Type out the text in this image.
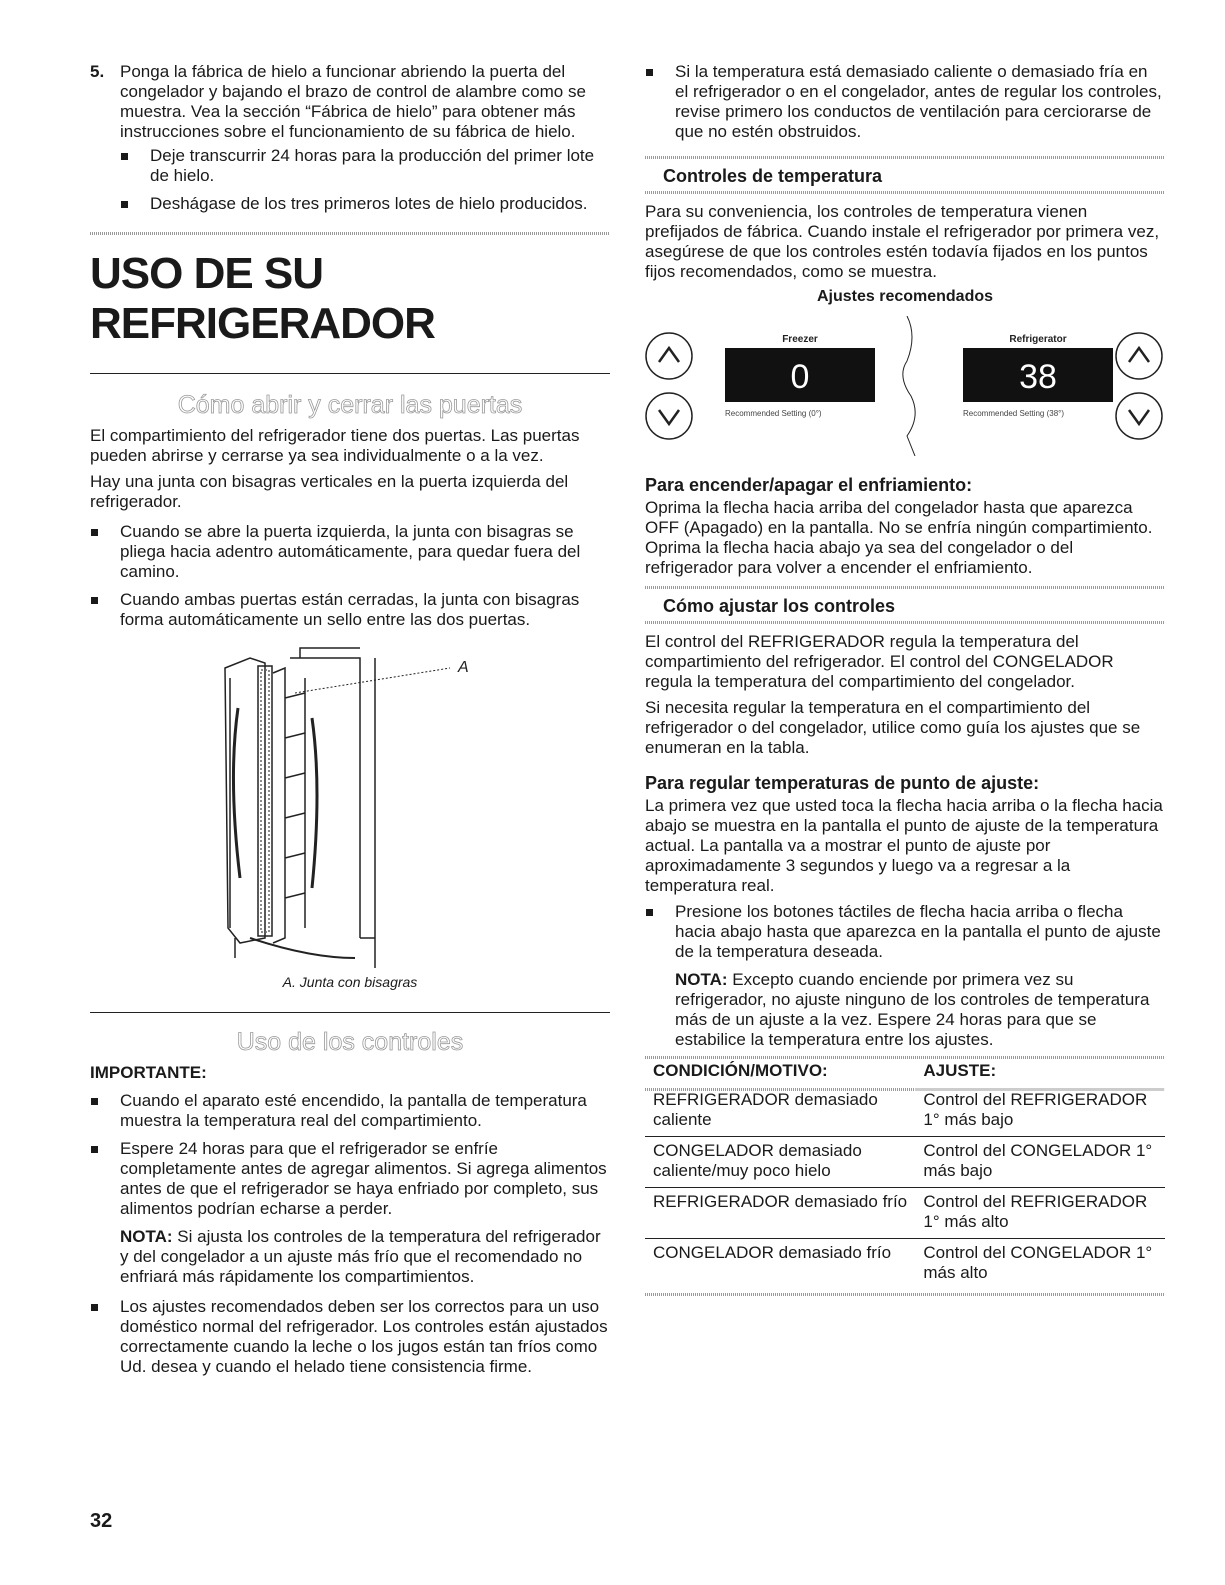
5. Ponga la fábrica de hielo a funcionar abriendo la puerta del congelador y bajando el brazo de control de alambre como se muestra. Vea la sección “Fábrica de hielo” para obtener más instrucciones sobre el funcionamiento de su fábrica de hielo.

Deje transcurrir 24 horas para la producción del primer lote de hielo.

Deshágase de los tres primeros lotes de hielo producidos.

USO DE SU REFRIGERADOR
Cómo abrir y cerrar las puertas

El compartimiento del refrigerador tiene dos puertas. Las puertas pueden abrirse y cerrarse ya sea individualmente o a la vez.

Hay una junta con bisagras verticales en la puerta izquierda del refrigerador.

Cuando se abre la puerta izquierda, la junta con bisagras se pliega hacia adentro automáticamente, para quedar fuera del camino.

Cuando ambas puertas están cerradas, la junta con bisagras forma automáticamente un sello entre las dos puertas.

A

A. Junta con bisagras

Uso de los controles

IMPORTANTE:

Cuando el aparato esté encendido, la pantalla de temperatura muestra la temperatura real del compartimiento.

Espere 24 horas para que el refrigerador se enfríe completamente antes de agregar alimentos. Si agrega alimentos antes de que el refrigerador se haya enfriado por completo, sus alimentos podrían echarse a perder.

NOTA: Si ajusta los controles de la temperatura del refrigerador y del congelador a un ajuste más frío que el recomendado no enfriará más rápidamente los compartimientos.

Los ajustes recomendados deben ser los correctos para un uso doméstico normal del refrigerador. Los controles están ajustados correctamente cuando la leche o los jugos están tan fríos como Ud. desea y cuando el helado tiene consistencia firme.

Si la temperatura está demasiado caliente o demasiado fría en el refrigerador o en el congelador, antes de regular los controles, revise primero los conductos de ventilación para cerciorarse de que no estén obstruidos.

Controles de temperatura

Para su conveniencia, los controles de temperatura vienen prefijados de fábrica. Cuando instale el refrigerador por primera vez, asegúrese de que los controles estén todavía fijados en los puntos fijos recomendados, como se muestra.

Ajustes recomendados
Freezer
0
Recommended Setting (0°)
Refrigerator
38
Recommended Setting (38°)
Para encender/apagar el enfriamiento:

Oprima la flecha hacia arriba del congelador hasta que aparezca OFF (Apagado) en la pantalla. No se enfría ningún compartimiento. Oprima la flecha hacia abajo ya sea del congelador o del refrigerador para volver a encender el enfriamiento.

Cómo ajustar los controles

El control del REFRIGERADOR regula la temperatura del compartimiento del refrigerador. El control del CONGELADOR regula la temperatura del compartimiento del congelador.

Si necesita regular la temperatura en el compartimiento del refrigerador o del congelador, utilice como guía los ajustes que se enumeran en la tabla.

Para regular temperaturas de punto de ajuste:

La primera vez que usted toca la flecha hacia arriba o la flecha hacia abajo se muestra en la pantalla el punto de ajuste de la temperatura actual. La pantalla va a mostrar el punto de ajuste por aproximadamente 3 segundos y luego va a regresar a la temperatura real.

Presione los botones táctiles de flecha hacia arriba o flecha hacia abajo hasta que aparezca en la pantalla el punto de ajuste de la temperatura deseada.

NOTA: Excepto cuando enciende por primera vez su refrigerador, no ajuste ninguno de los controles de temperatura más de un ajuste a la vez. Espere 24 horas para que se estabilice la temperatura entre los ajustes.

CONDICIÓN/MOTIVO:	AJUSTE:
REFRIGERADOR demasiado caliente	Control del REFRIGERADOR 1° más bajo
CONGELADOR demasiado caliente/muy poco hielo	Control del CONGELADOR 1° más bajo
REFRIGERADOR demasiado frío	Control del REFRIGERADOR 1° más alto
CONGELADOR demasiado frío	Control del CONGELADOR 1° más alto
32
